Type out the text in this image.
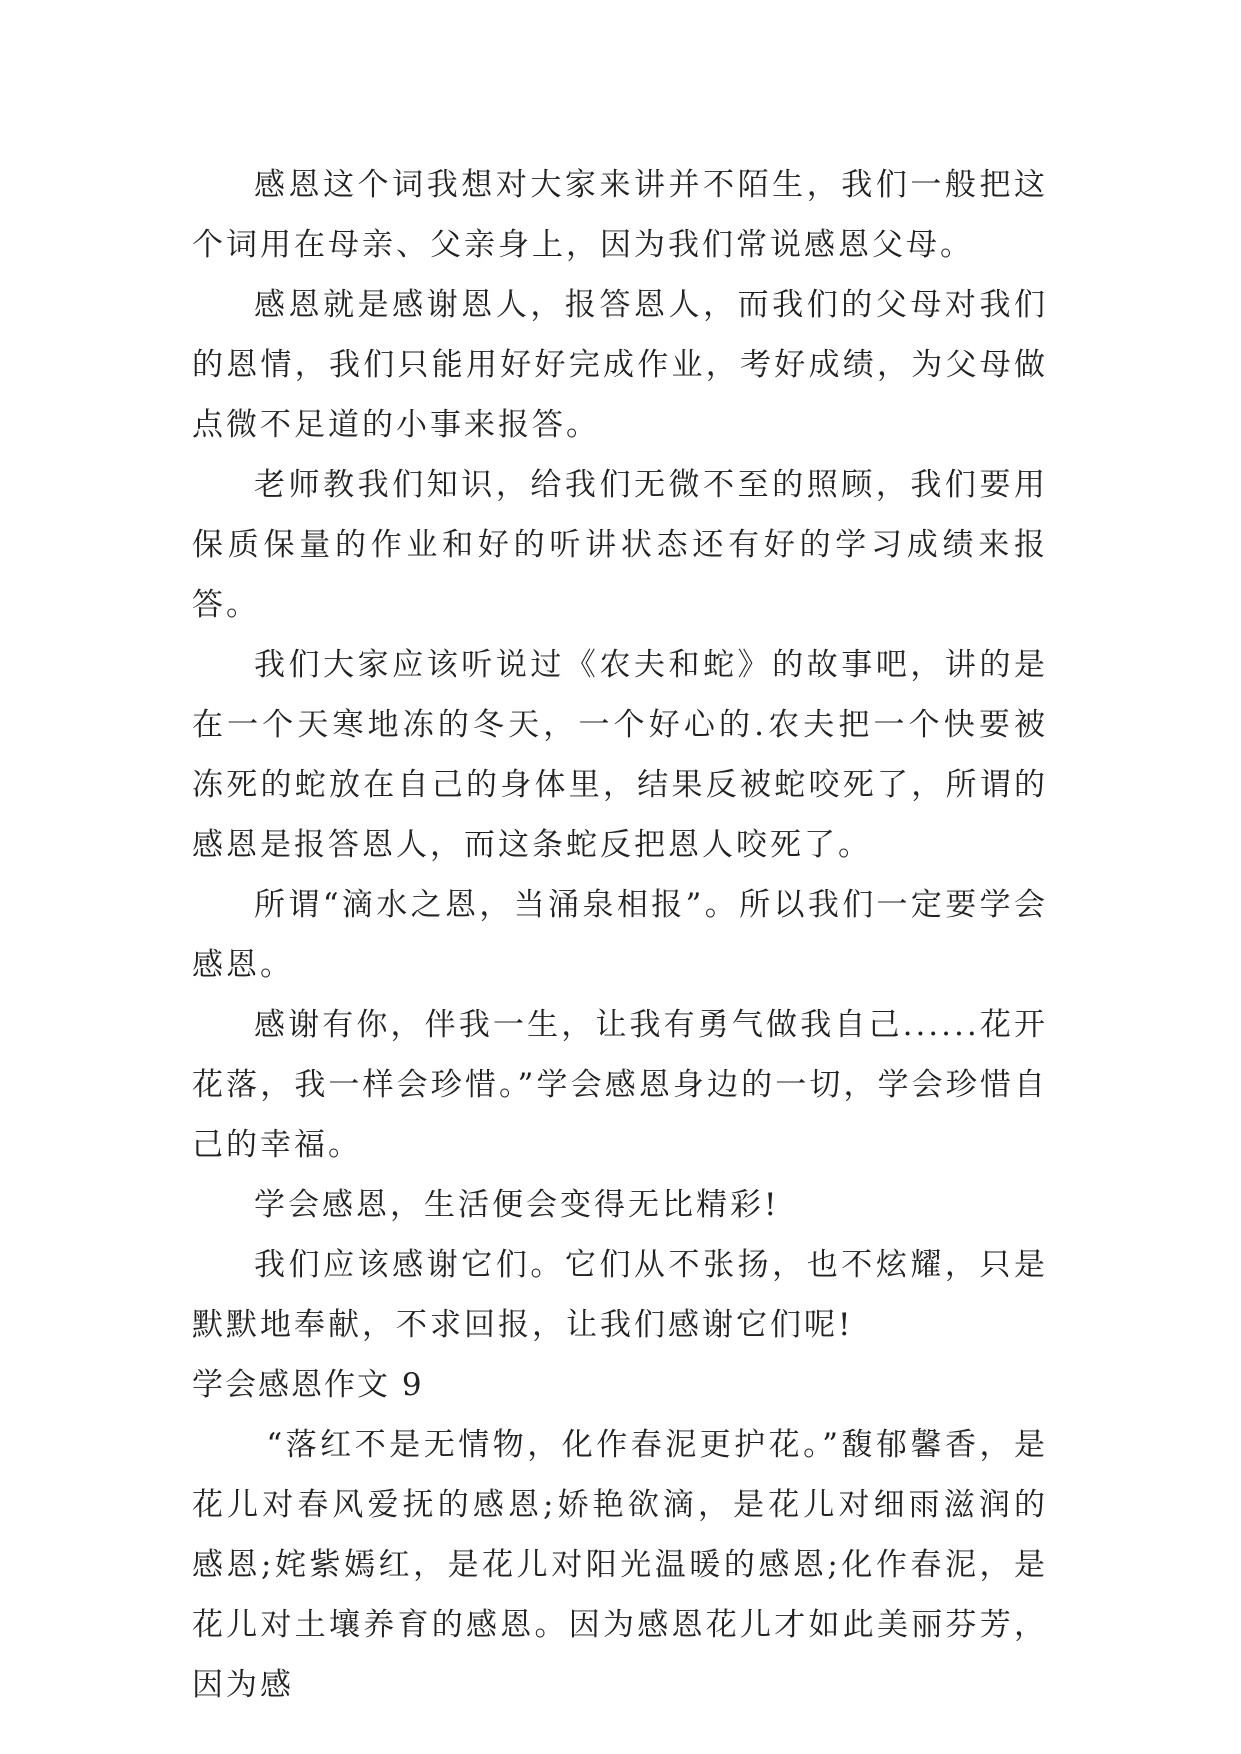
感恩这个词我想对大家来讲并不陌生，我们一般把这个词用在母亲、父亲身上，因为我们常说感恩父母。

感恩就是感谢恩人，报答恩人，而我们的父母对我们的恩情，我们只能用好好完成作业，考好成绩，为父母做点微不足道的小事来报答。

老师教我们知识，给我们无微不至的照顾，我们要用保质保量的作业和好的听讲状态还有好的学习成绩来报答。

我们大家应该听说过《农夫和蛇》的故事吧，讲的是在一个天寒地冻的冬天，一个好心的.农夫把一个快要被冻死的蛇放在自己的身体里，结果反被蛇咬死了，所谓的感恩是报答恩人，而这条蛇反把恩人咬死了。

所谓“滴水之恩，当涌泉相报”。所以我们一定要学会感恩。

感谢有你，伴我一生，让我有勇气做我自己......花开花落，我一样会珍惜。”学会感恩身边的一切，学会珍惜自己的幸福。

学会感恩，生活便会变得无比精彩!

我们应该感谢它们。它们从不张扬，也不炫耀，只是默默地奉献，不求回报，让我们感谢它们呢!

学会感恩作文 9

“落红不是无情物，化作春泥更护花。”馥郁馨香，是花儿对春风爱抚的感恩;娇艳欲滴，是花儿对细雨滋润的感恩;姹紫嫣红，是花儿对阳光温暖的感恩;化作春泥，是花儿对土壤养育的感恩。因为感恩花儿才如此美丽芬芳，因为感
